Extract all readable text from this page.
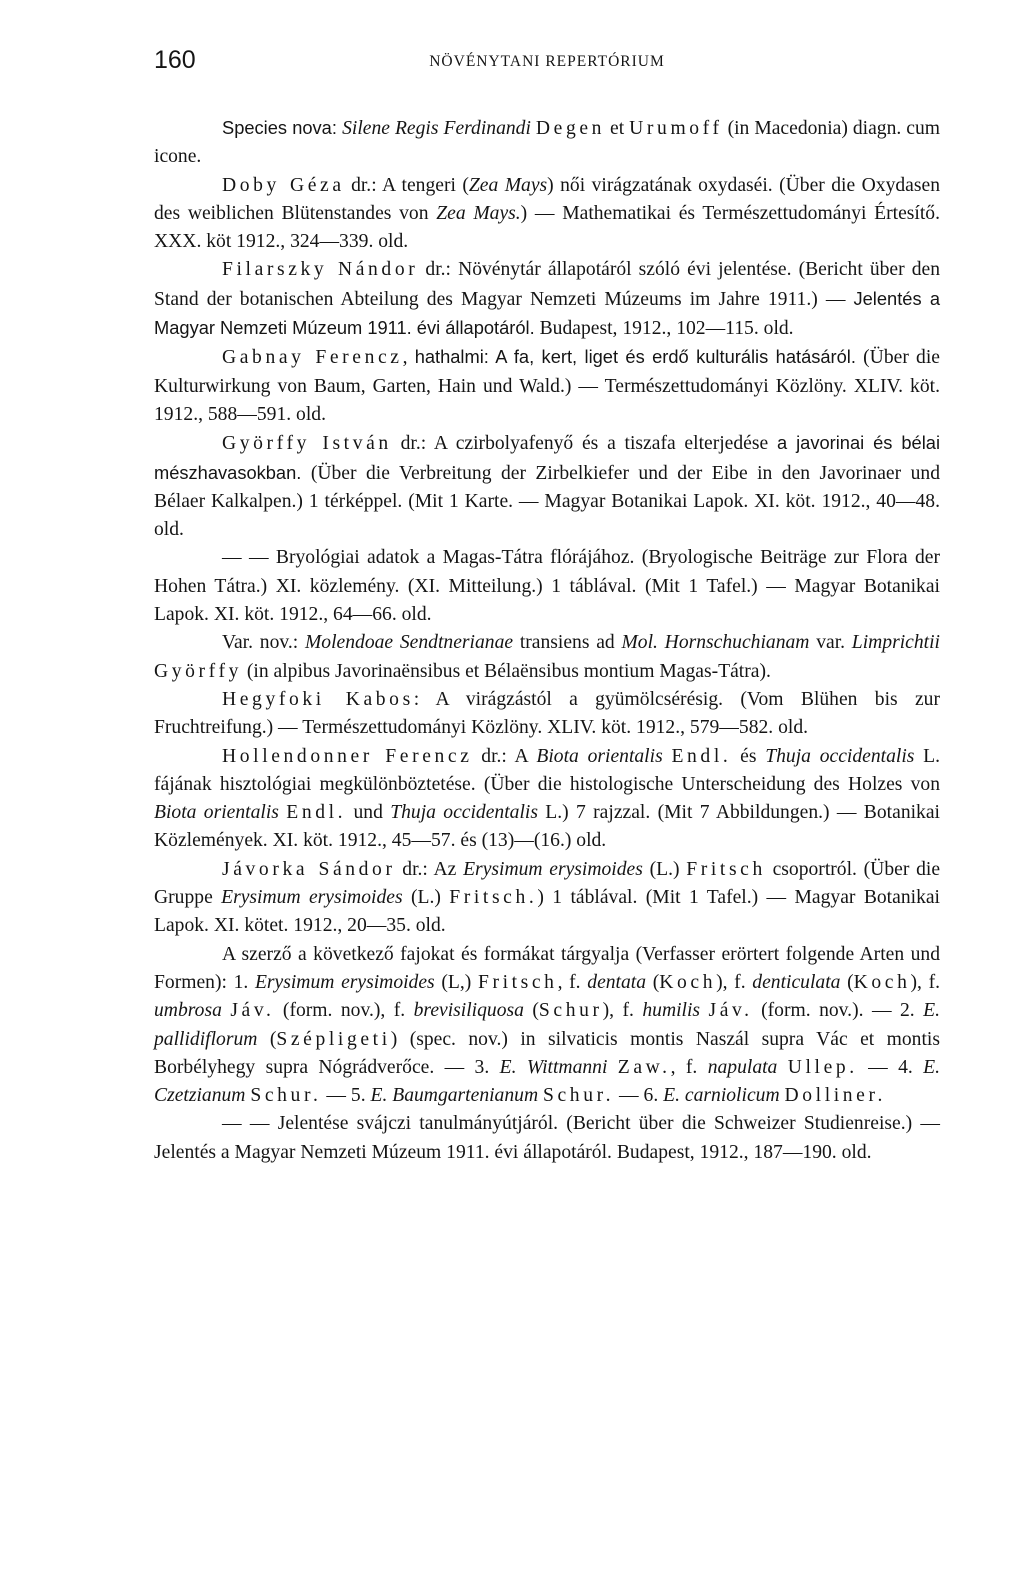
160	NÖVÉNYTANI REPERTÓRIUM

Species nova: Silene Regis Ferdinandi Degen et Urumoff (in Macedonia) diagn. cum icone.

Doby Géza dr.: A tengeri (Zea Mays) női virágzatának oxydaséi. (Über die Oxydasen des weiblichen Blütenstandes von Zea Mays.) — Mathematikai és Természettudományi Értesítő. XXX. köt 1912., 324—339. old.

Filarszky Nándor dr.: Növénytár állapotáról szóló évi jelentése. (Bericht über den Stand der botanischen Abteilung des Magyar Nemzeti Múzeums im Jahre 1911.) — Jelentés a Magyar Nemzeti Múzeum 1911. évi állapotáról. Budapest, 1912., 102—115. old.

Gabnay Ferencz, hathalmi: A fa, kert, liget és erdő kulturális hatásáról. (Über die Kulturwirkung von Baum, Garten, Hain und Wald.) — Természettudományi Közlöny. XLIV. köt. 1912., 588—591. old.

Györffy István dr.: A czirbolyafenyő és a tiszafa elterjedése a javorinai és bélai mészhavasokban. (Über die Verbreitung der Zirbelkiefer und der Eibe in den Javorinaer und Bélaer Kalkalpen.) 1 térképpel. (Mit 1 Karte. — Magyar Botanikai Lapok. XI. köt. 1912., 40—48. old.

— — Bryológiai adatok a Magas-Tátra flórájához. (Bryologische Beiträge zur Flora der Hohen Tátra.) XI. közlemény. (XI. Mitteilung.) 1 táblával. (Mit 1 Tafel.) — Magyar Botanikai Lapok. XI. köt. 1912., 64—66. old.

Var. nov.: Molendoae Sendtnerianae transiens ad Mol. Hornschuchianam var. Limprichtii Györffy (in alpibus Javorinaënsibus et Bélaënsibus montium Magas-Tátra).

Hegyfoki Kabos: A virágzástól a gyümölcsérésig. (Vom Blühen bis zur Fruchtreifung.) — Természettudományi Közlöny. XLIV. köt. 1912., 579—582. old.

Hollendonner Ferencz dr.: A Biota orientalis Endl. és Thuja occidentalis L. fájának hisztológiai megkülönböztetése. (Über die histologische Unterscheidung des Holzes von Biota orientalis Endl. und Thuja occidentalis L.) 7 rajzzal. (Mit 7 Abbildungen.) — Botanikai Közlemények. XI. köt. 1912., 45—57. és (13)—(16.) old.

Jávorka Sándor dr.: Az Erysimum erysimoides (L.) Fritsch csoportról. (Über die Gruppe Erysimum erysimoides (L.) Fritsch.) 1 táblával. (Mit 1 Tafel.) — Magyar Botanikai Lapok. XI. kötet. 1912., 20—35. old.

A szerző a következő fajokat és formákat tárgyalja (Verfasser erörtert folgende Arten und Formen): 1. Erysimum erysimoides (L,) Fritsch, f. dentata (Koch), f. denticulata (Koch), f. umbrosa Jáv. (form. nov.), f. brevisiliquosa (Schur), f. humilis Jáv. (form. nov.). — 2. E. pallidiflorum (Szépligeti) (spec. nov.) in silvaticis montis Naszál supra Vác et montis Borbélyhegy supra Nógrádverőce. — 3. E. Wittmanni Zaw., f. napulata Ullep. — 4. E. Czetzianum Schur. — 5. E. Baumgartenianum Schur. — 6. E. carniolicum Dolliner.

— — Jelentése svájczi tanulmányútjáról. (Bericht über die Schweizer Studienreise.) — Jelentés a Magyar Nemzeti Múzeum 1911. évi állapotáról. Budapest, 1912., 187—190. old.
